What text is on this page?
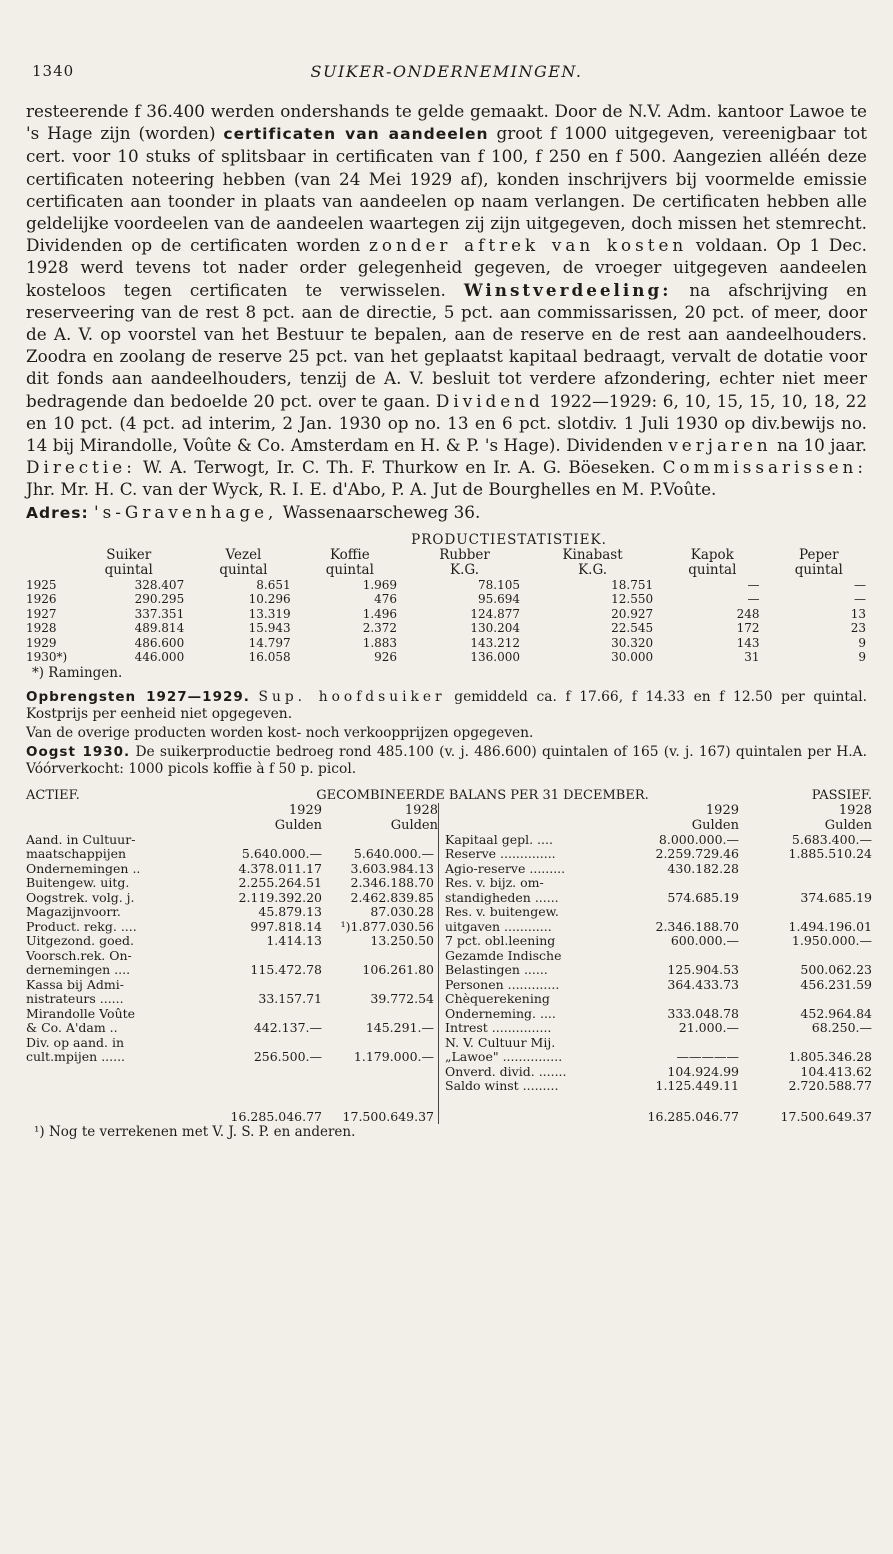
1340	SUIKER-ONDERNEMINGEN.

resteerende f 36.400 werden ondershands te gelde gemaakt. Door de N.V. Adm. kantoor Lawoe te 's Hage zijn (worden) certificaten van aandeelen groot f 1000 uitgegeven, vereenigbaar tot cert. voor 10 stuks of splitsbaar in certificaten van f 100, f 250 en f 500. Aangezien alléén deze certificaten noteering hebben (van 24 Mei 1929 af), konden inschrijvers bij voormelde emissie certificaten aan toonder in plaats van aandeelen op naam verlangen. De certificaten hebben alle geldelijke voordeelen van de aandeelen waartegen zij zijn uitgegeven, doch missen het stemrecht. Dividenden op de certificaten worden zonder aftrek van kosten voldaan. Op 1 Dec. 1928 werd tevens tot nader order gelegenheid gegeven, de vroeger uitgegeven aandeelen kosteloos tegen certificaten te verwisselen. Winstverdeeling: na afschrijving en reserveering van de rest 8 pct. aan de directie, 5 pct. aan commissarissen, 20 pct. of meer, door de A. V. op voorstel van het Bestuur te bepalen, aan de reserve en de rest aan aandeelhouders. Zoodra en zoolang de reserve 25 pct. van het geplaatst kapitaal bedraagt, vervalt de dotatie voor dit fonds aan aandeelhouders, tenzij de A. V. besluit tot verdere afzondering, echter niet meer bedragende dan bedoelde 20 pct. over te gaan. Dividend 1922—1929: 6, 10, 15, 15, 10, 18, 22 en 10 pct. (4 pct. ad interim, 2 Jan. 1930 op no. 13 en 6 pct. slotdiv. 1 Juli 1930 op div.bewijs no. 14 bij Mirandolle, Voûte & Co. Amsterdam en H. & P. 's Hage). Dividenden verjaren na 10 jaar. Directie: W. A. Terwogt, Ir. C. Th. F. Thurkow en Ir. A. G. Böeseken. Commissarissen: Jhr. Mr. H. C. van der Wyck, R. I. E. d'Abo, P. A. Jut de Bourghelles en M. P.Voûte.

Adres: 's-Gravenhage, Wassenaarscheweg 36.

PRODUCTIESTATISTIEK.
	Suiker	Vezel	Koffie	Rubber	Kinabast	Kapok	Peper
	quintal	quintal	quintal	K.G.	K.G.	quintal	quintal
1925	328.407	8.651	1.969	78.105	18.751	—	—
1926	290.295	10.296	476	95.694	12.550	—	—
1927	337.351	13.319	1.496	124.877	20.927	248	13
1928	489.814	15.943	2.372	130.204	22.545	172	23
1929	486.600	14.797	1.883	143.212	30.320	143	9
1930*)	446.000	16.058	926	136.000	30.000	31	9
*) Ramingen.

Opbrengsten 1927—1929. Sup. hoofdsuiker gemiddeld ca. f 17.66, f 14.33 en f 12.50 per quintal. Kostprijs per eenheid niet opgegeven.

Van de overige producten worden kost- noch verkoopprijzen opgegeven.

Oogst 1930. De suikerproductie bedroeg rond 485.100 (v. j. 486.600) quintalen of 165 (v. j. 167) quintalen per H.A. Vóórverkocht: 1000 picols koffie à f 50 p. picol.

ACTIEF.	GECOMBINEERDE BALANS PER 31 DECEMBER.				PASSIEF.
	1929	1928		1929	1928
	Gulden	Gulden		Gulden	Gulden
Aand. in Cultuur-			Kapitaal gepl. ....	8.000.000.—	5.683.400.—
maatschappijen	5.640.000.—	5.640.000.—	Reserve ..............	2.259.729.46	1.885.510.24
Ondernemingen ..	4.378.011.17	3.603.984.13	Agio-reserve .........	430.182.28	
Buitengew. uitg.	2.255.264.51	2.346.188.70	Res. v. bijz. om-		
Oogstrek. volg. j.	2.119.392.20	2.462.839.85	standigheden ......	574.685.19	374.685.19
Magazijnvoorr.	45.879.13	87.030.28	Res. v. buitengew.		
Product. rekg. ....	997.818.14	¹)1.877.030.56	uitgaven ............	2.346.188.70	1.494.196.01
Uitgezond. goed.	1.414.13	13.250.50	7 pct. obl.leening	600.000.—	1.950.000.—
Voorsch.rek. On-			Gezamde Indische		
dernemingen ....	115.472.78	106.261.80	Belastingen ......	125.904.53	500.062.23
Kassa bij Admi-			Personen .............	364.433.73	456.231.59
nistrateurs ......	33.157.71	39.772.54	Chèquerekening		
Mirandolle Voûte			Onderneming. ....	333.048.78	452.964.84
& Co. A'dam ..	442.137.—	145.291.—	Intrest ...............	21.000.—	68.250.—
Div. op aand. in			N. V. Cultuur Mij.		
cult.mpijen ......	256.500.—	1.179.000.—	„Lawoe" ...............	—————	1.805.346.28
			Onverd. divid. .......	104.924.99	104.413.62
			Saldo winst .........	1.125.449.11	2.720.588.77
	16.285.046.77	17.500.649.37		16.285.046.77	17.500.649.37
¹) Nog te verrekenen met V. J. S. P. en anderen.
